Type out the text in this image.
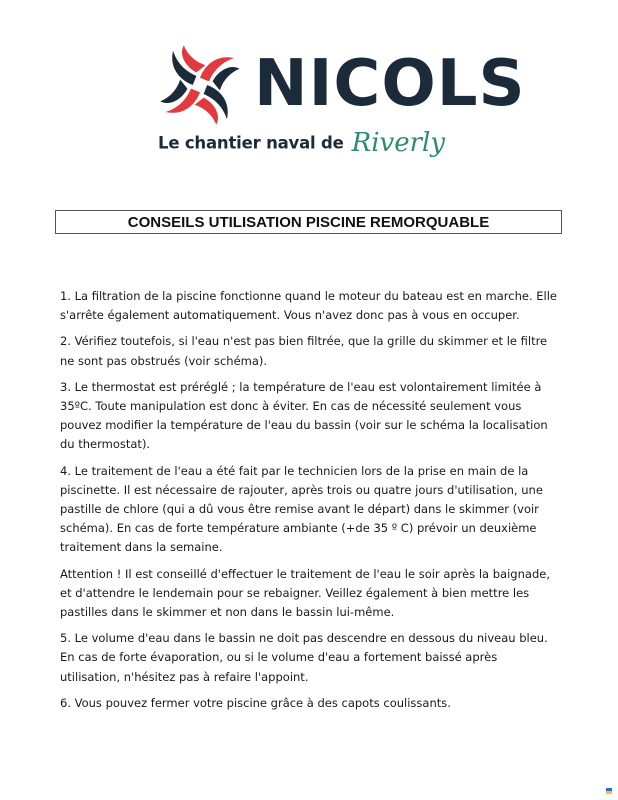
NICOLS
Le chantier naval de Riverly
CONSEILS UTILISATION PISCINE REMORQUABLE

1. La filtration de la piscine fonctionne quand le moteur du bateau est en marche. Elle s'arrête également automatiquement. Vous n'avez donc pas à vous en occuper.

2. Vérifiez toutefois, si l'eau n'est pas bien filtrée, que la grille du skimmer et le filtre ne sont pas obstrués (voir schéma).

3. Le thermostat est préréglé ; la température de l'eau est volontairement limitée à 35ºC. Toute manipulation est donc à éviter. En cas de nécessité seulement vous pouvez modifier la température de l'eau du bassin (voir sur le schéma la localisation du thermostat).

4. Le traitement de l'eau a été fait par le technicien lors de la prise en main de la piscinette. Il est nécessaire de rajouter, après trois ou quatre jours d'utilisation, une pastille de chlore (qui a dû vous être remise avant le départ) dans le skimmer (voir schéma). En cas de forte température ambiante (+de 35 º C) prévoir un deuxième traitement dans la semaine.

Attention ! Il est conseillé d'effectuer le traitement de l'eau le soir après la baignade, et d'attendre le lendemain pour se rebaigner. Veillez également à bien mettre les pastilles dans le skimmer et non dans le bassin lui-même.

5. Le volume d'eau dans le bassin ne doit pas descendre en dessous du niveau bleu. En cas de forte évaporation, ou si le volume d'eau a fortement baissé après utilisation, n'hésitez pas à refaire l'appoint.

6. Vous pouvez fermer votre piscine grâce à des capots coulissants.
